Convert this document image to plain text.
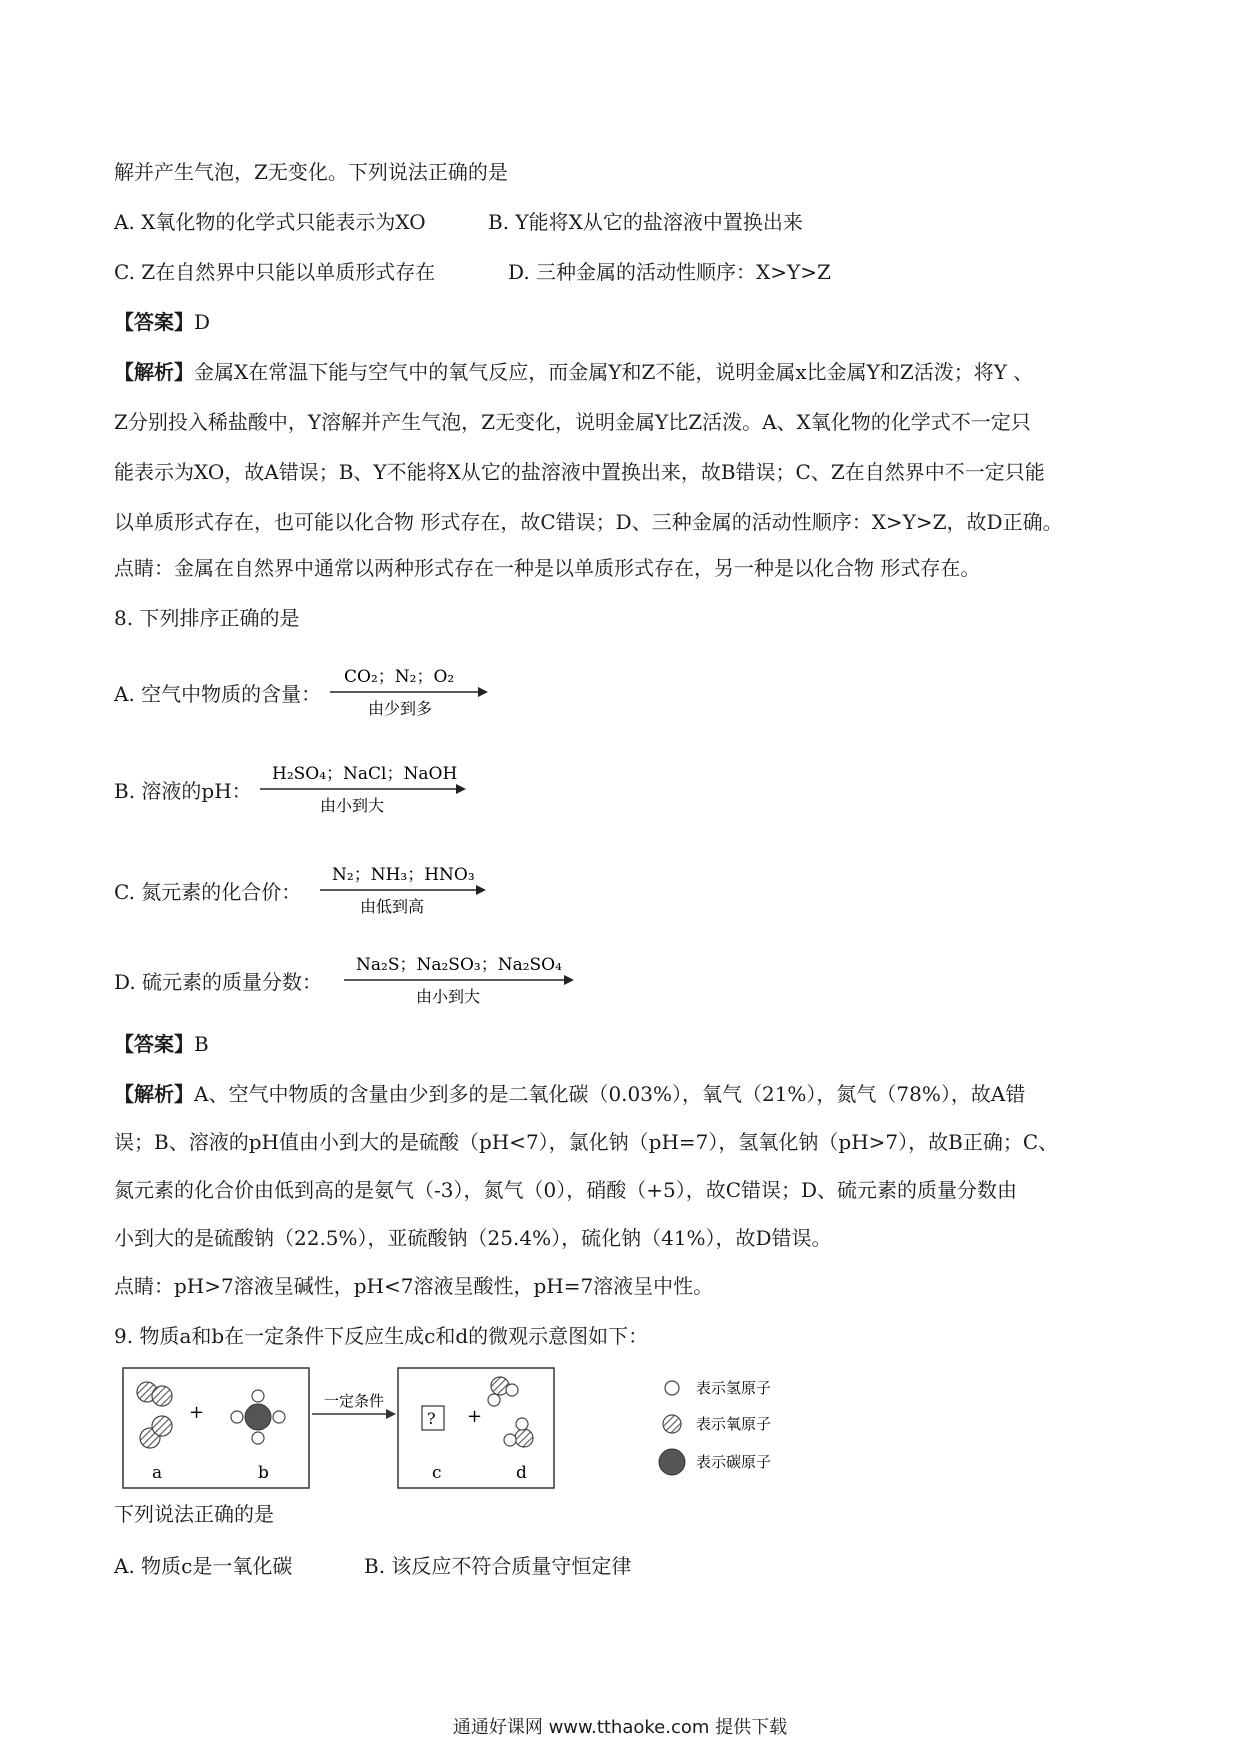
解并产生气泡，Z无变化。下列说法正确的是
A. X氧化物的化学式只能表示为XO	B. Y能将X从它的盐溶液中置换出来
C. Z在自然界中只能以单质形式存在	D. 三种金属的活动性顺序：X>Y>Z
【答案】D
【解析】金属X在常温下能与空气中的氧气反应，而金属Y和Z不能，说明金属x比金属Y和Z活泼；将Y 、
Z分别投入稀盐酸中，Y溶解并产生气泡，Z无变化，说明金属Y比Z活泼。A、X氧化物的化学式不一定只
能表示为XO，故A错误；B、Y不能将X从它的盐溶液中置换出来，故B错误；C、Z在自然界中不一定只能
以单质形式存在，也可能以化合物 形式存在，故C错误；D、三种金属的活动性顺序：X>Y>Z，故D正确。
点睛：金属在自然界中通常以两种形式存在一种是以单质形式存在，另一种是以化合物 形式存在。
8. 下列排序正确的是
A. 空气中物质的含量：
CO₂；N₂；O₂
由少到多
B. 溶液的pH：
H₂SO₄；NaCl；NaOH
由小到大
C. 氮元素的化合价：
N₂；NH₃；HNO₃
由低到高
D. 硫元素的质量分数：
Na₂S；Na₂SO₃；Na₂SO₄
由小到大
【答案】B
【解析】A、空气中物质的含量由少到多的是二氧化碳（0.03%），氧气（21%），氮气（78%），故A错
误；B、溶液的pH值由小到大的是硫酸（pH<7），氯化钠（pH=7），氢氧化钠（pH>7），故B正确；C、
氮元素的化合价由低到高的是氨气（-3），氮气（0），硝酸（+5），故C错误；D、硫元素的质量分数由
小到大的是硫酸钠（22.5%），亚硫酸钠（25.4%），硫化钠（41%），故D错误。
点睛：pH>7溶液呈碱性，pH<7溶液呈酸性，pH=7溶液呈中性。
9. 物质a和b在一定条件下反应生成c和d的微观示意图如下：
+
a	b
一定条件
? +
c	d
表示氢原子
表示氧原子
表示碳原子
下列说法正确的是
A. 物质c是一氧化碳	B. 该反应不符合质量守恒定律
通通好课网 www.tthaoke.com 提供下载
